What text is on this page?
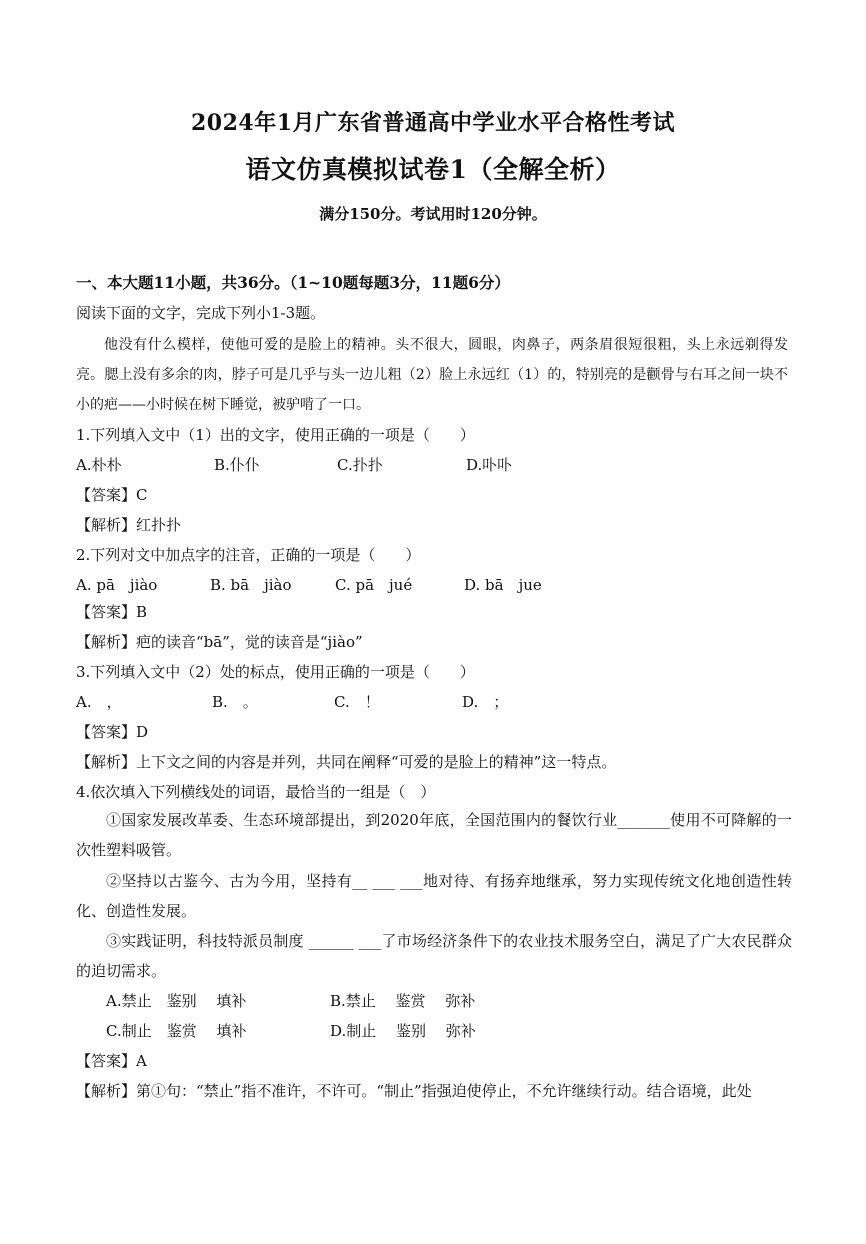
2024年1月广东省普通高中学业水平合格性考试
语文仿真模拟试卷1（全解全析）
满分150分。考试用时120分钟。
一、本大题11小题，共36分。（1~10题每题3分，11题6分）
阅读下面的文字，完成下列小1-3题。
他没有什么模样，使他可爱的是脸上的精神。头不很大，圆眼，肉鼻子，两条眉很短很粗，头上永远剃得发亮。腮上没有多余的肉，脖子可是几乎与头一边儿粗（2）脸上永远红（1）的，特别亮的是颧骨与右耳之间一块不小的疤——小时候在树下睡觉，被驴啃了一口。
1.下列填入文中（1）出的文字，使用正确的一项是（　　）
A.朴朴	B.仆仆	C.扑扑	D.卟卟
【答案】C
【解析】红扑扑
2.下列对文中加点字的注音，正确的一项是（　　）
A. pā　jiào	B. bā　jiào	C. pā　jué	D. bā　jue
【答案】B
【解析】疤的读音“bā”，觉的读音是“jiào”
3.下列填入文中（2）处的标点，使用正确的一项是（　　）
A.　，	B.　。	C.　！	D.　；
【答案】D
【解析】上下文之间的内容是并列，共同在阐释“可爱的是脸上的精神”这一特点。
4.依次填入下列横线处的词语，最恰当的一组是（　）
①国家发展改革委、生态环境部提出，到2020年底，全国范围内的餐饮行业_______使用不可降解的一次性塑料吸管。
②坚持以古鉴今、古为今用，坚持有__ ___ ___地对待、有扬弃地继承，努力实现传统文化地创造性转化、创造性发展。
③实践证明，科技特派员制度 ______ ___了市场经济条件下的农业技术服务空白，满足了广大农民群众的迫切需求。
A.禁止　鉴别　 填补	B.禁止　 鉴赏　 弥补
C.制止　鉴赏　 填补	D.制止　 鉴别　 弥补
【答案】A
【解析】第①句：“禁止”指不准许，不许可。“制止”指强迫使停止，不允许继续行动。结合语境，此处
